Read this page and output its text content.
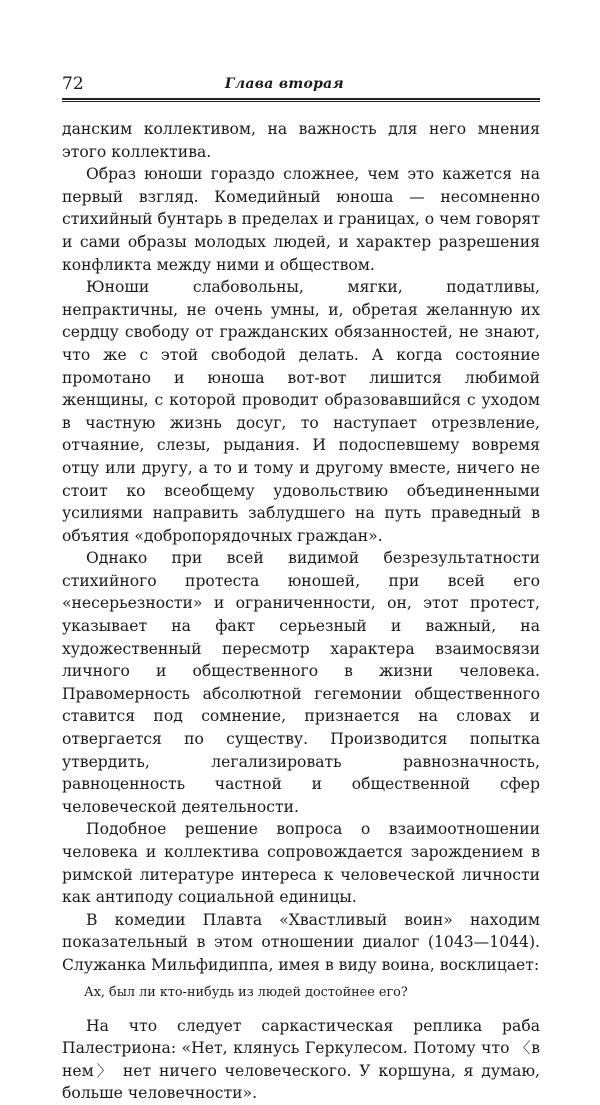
72	Глава вторая

данским коллективом, на важность для него мнения этого коллектива.

Образ юноши гораздо сложнее, чем это кажется на первый взгляд. Комедийный юноша — несомненно стихийный бунтарь в пределах и границах, о чем говорят и сами образы молодых людей, и характер разрешения конфликта между ними и обществом.

Юноши слабовольны, мягки, податливы, непрактичны, не очень умны, и, обретая желанную их сердцу свободу от гражданских обязанностей, не знают, что же с этой свободой делать. А когда состояние промотано и юноша вот-вот лишится любимой женщины, с которой проводит образовавшийся с уходом в частную жизнь досуг, то наступает отрезвление, отчаяние, слезы, рыдания. И подоспевшему вовремя отцу или другу, а то и тому и другому вместе, ничего не стоит ко всеобщему удовольствию объединенными усилиями направить заблудшего на путь праведный в объятия «добропорядочных граждан».

Однако при всей видимой безрезультатности стихийного протеста юношей, при всей его «несерьезности» и ограниченности, он, этот протест, указывает на факт серьезный и важный, на художественный пересмотр характера взаимосвязи личного и общественного в жизни человека. Правомерность абсолютной гегемонии общественного ставится под сомнение, признается на словах и отвергается по существу. Производится попытка утвердить, легализировать равнозначность, равноценность частной и общественной сфер человеческой деятельности.

Подобное решение вопроса о взаимоотношении человека и коллектива сопровождается зарождением в римской литературе интереса к человеческой личности как антиподу социальной единицы.

В комедии Плавта «Хвастливый воин» находим показательный в этом отношении диалог (1043—1044). Служанка Мильфидиппа, имея в виду воина, восклицает:

Ах, был ли кто-нибудь из людей достойнее его?

На что следует саркастическая реплика раба Палестриона: «Нет, клянусь Геркулесом. Потому что 〈в нем〉 нет ничего человеческого. У коршуна, я думаю, больше человечности».
